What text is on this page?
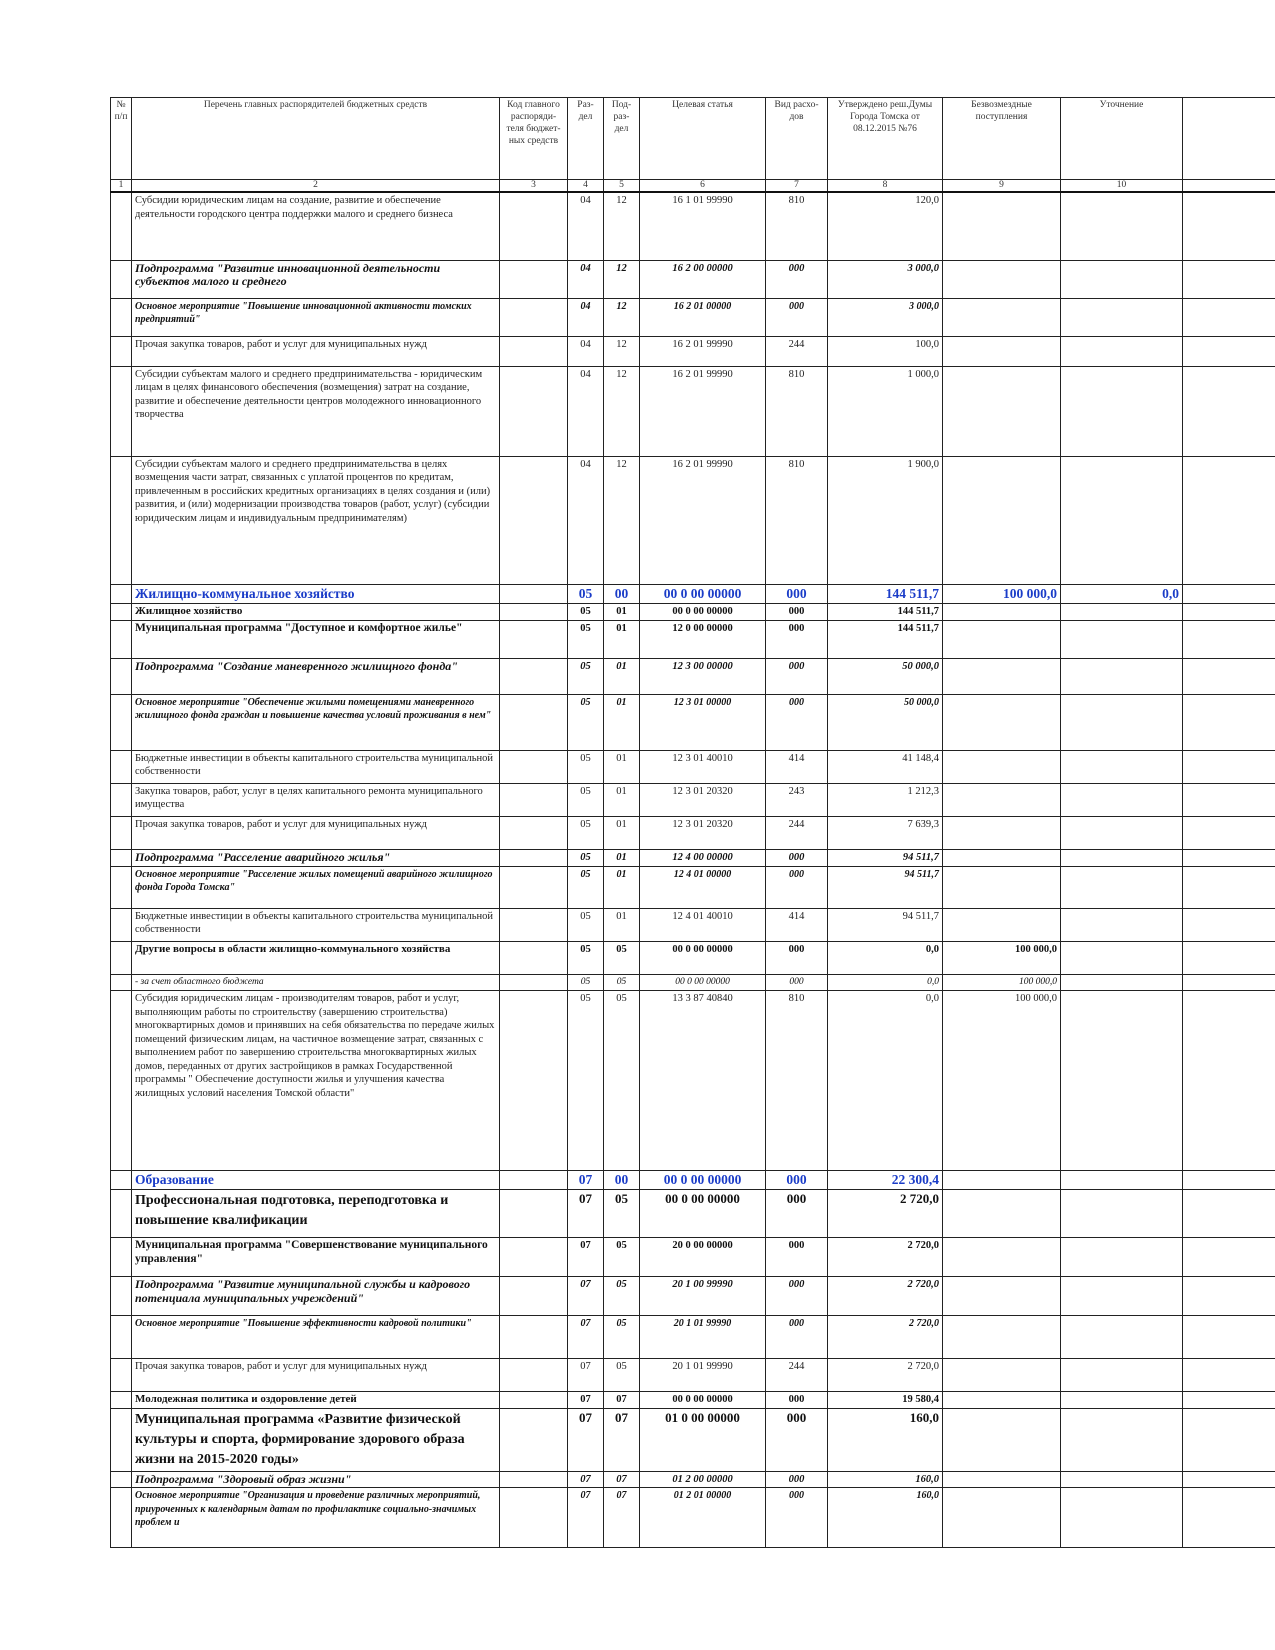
№ п/п	Перечень главных распорядителей бюджетных средств	Код главного распоряди-теля бюджет-ных средств	Раз-дел	Под-раз-дел	Целевая статья	Вид расхо-дов	Утверждено реш.Думы Города Томска от 08.12.2015 №76	Безвозмездные поступления	Уточнение	
1	2	3	4	5	6	7	8	9	10	
	Субсидии юридическим лицам на создание, развитие и обеспечение деятельности городского центра поддержки малого и среднего бизнеса		04	12	16 1 01 99990	810	120,0			
	Подпрограмма "Развитие инновационной деятельности субъектов малого и среднего		04	12	16 2 00 00000	000	3 000,0			
	Основное мероприятие "Повышение инновационной активности томских предприятий"		04	12	16 2 01 00000	000	3 000,0			
	Прочая закупка товаров, работ и услуг для муниципальных нужд		04	12	16 2 01 99990	244	100,0			
	Субсидии субъектам малого и среднего предпринимательства - юридическим лицам в целях финансового обеспечения (возмещения) затрат на создание, развитие и обеспечение деятельности центров молодежного инновационного творчества		04	12	16 2 01 99990	810	1 000,0			
	Субсидии субъектам малого и среднего предпринимательства в целях возмещения части затрат, связанных с уплатой процентов по кредитам, привлеченным в российских кредитных организациях в целях создания и (или) развития, и (или) модернизации производства товаров (работ, услуг) (субсидии юридическим лицам и индивидуальным предпринимателям)		04	12	16 2 01 99990	810	1 900,0			
	Жилищно-коммунальное хозяйство		05	00	00 0 00 00000	000	144 511,7	100 000,0	0,0	
	Жилищное хозяйство		05	01	00 0 00 00000	000	144 511,7			
	Муниципальная программа "Доступное и комфортное жилье"		05	01	12 0 00 00000	000	144 511,7			
	Подпрограмма "Создание маневренного жилищного фонда"		05	01	12 3 00 00000	000	50 000,0			
	Основное мероприятие "Обеспечение жилыми помещениями маневренного жилищного фонда граждан и повышение качества условий проживания в нем"		05	01	12 3 01 00000	000	50 000,0			
	Бюджетные инвестиции в объекты капитального строительства муниципальной собственности		05	01	12 3 01 40010	414	41 148,4			
	Закупка товаров, работ, услуг в целях капитального ремонта муниципального имущества		05	01	12 3 01 20320	243	1 212,3			
	Прочая закупка товаров, работ и услуг для муниципальных нужд		05	01	12 3 01 20320	244	7 639,3			
	Подпрограмма "Расселение аварийного жилья"		05	01	12 4 00 00000	000	94 511,7			
	Основное мероприятие "Расселение жилых помещений аварийного жилищного фонда Города Томска"		05	01	12 4 01 00000	000	94 511,7			
	Бюджетные инвестиции в объекты капитального строительства муниципальной собственности		05	01	12 4 01 40010	414	94 511,7			
	Другие вопросы в области жилищно-коммунального хозяйства		05	05	00 0 00 00000	000	0,0	100 000,0		
	- за счет областного бюджета		05	05	00 0 00 00000	000	0,0	100 000,0		
	Субсидия юридическим лицам - производителям товаров, работ и услуг, выполняющим работы по строительству (завершению строительства) многоквартирных домов и принявших на себя обязательства по передаче жилых помещений физическим лицам, на частичное возмещение затрат, связанных с выполнением работ по завершению строительства многоквартирных жилых домов, переданных от других застройщиков в рамках Государственной программы " Обеспечение доступности жилья и улучшения качества жилищных условий населения Томской области"		05	05	13 3 87 40840	810	0,0	100 000,0		
	Образование		07	00	00 0 00 00000	000	22 300,4			
	Профессиональная подготовка, переподготовка и повышение квалификации		07	05	00 0 00 00000	000	2 720,0			
	Муниципальная программа "Совершенствование муниципального управления"		07	05	20 0 00 00000	000	2 720,0			
	Подпрограмма "Развитие муниципальной службы и кадрового потенциала муниципальных учреждений"		07	05	20 1 00 99990	000	2 720,0			
	Основное мероприятие "Повышение эффективности кадровой политики"		07	05	20 1 01 99990	000	2 720,0			
	Прочая закупка товаров, работ и услуг для муниципальных нужд		07	05	20 1 01 99990	244	2 720,0			
	Молодежная политика и оздоровление детей		07	07	00 0 00 00000	000	19 580,4			
	Муниципальная программа «Развитие физической культуры и спорта, формирование здорового образа жизни на 2015-2020 годы»		07	07	01 0 00 00000	000	160,0			
	Подпрограмма "Здоровый образ жизни"		07	07	01 2 00 00000	000	160,0			
	Основное мероприятие "Организация и проведение различных мероприятий, приуроченных к календарным датам по профилактике социально-значимых проблем и		07	07	01 2 01 00000	000	160,0			
